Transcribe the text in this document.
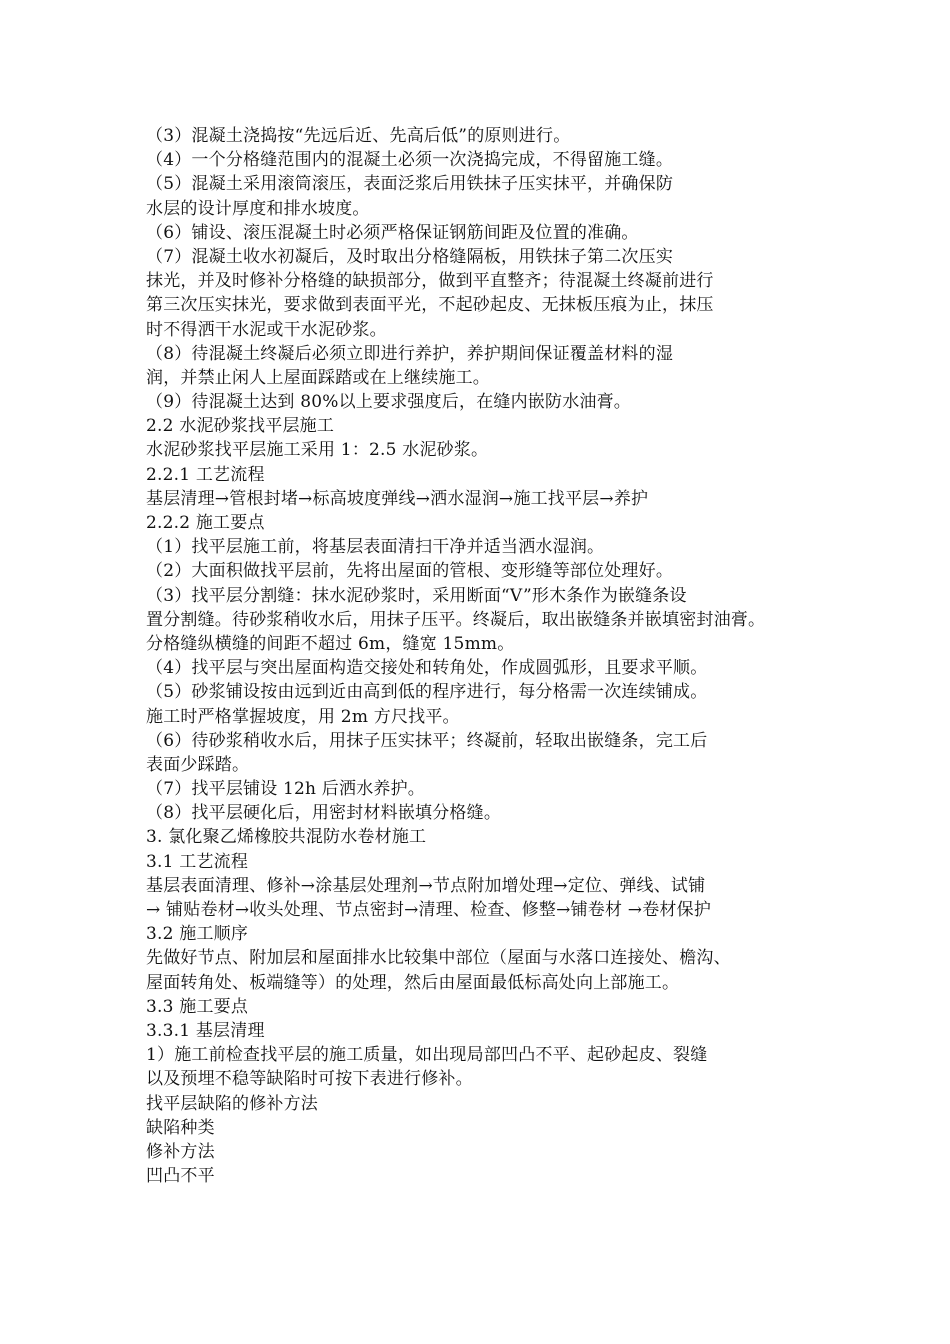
（3）混凝土浇捣按“先远后近、先高后低”的原则进行。
（4）一个分格缝范围内的混凝土必须一次浇捣完成，不得留施工缝。
（5）混凝土采用滚筒滚压，表面泛浆后用铁抹子压实抹平，并确保防
水层的设计厚度和排水坡度。
（6）铺设、滚压混凝土时必须严格保证钢筋间距及位置的准确。
（7）混凝土收水初凝后，及时取出分格缝隔板，用铁抹子第二次压实
抹光，并及时修补分格缝的缺损部分，做到平直整齐；待混凝土终凝前进行
第三次压实抹光，要求做到表面平光，不起砂起皮、无抹板压痕为止，抹压
时不得洒干水泥或干水泥砂浆。
（8）待混凝土终凝后必须立即进行养护，养护期间保证覆盖材料的湿
润，并禁止闲人上屋面踩踏或在上继续施工。
（9）待混凝土达到 80%以上要求强度后，在缝内嵌防水油膏。
2.2 水泥砂浆找平层施工
水泥砂浆找平层施工采用 1：2.5 水泥砂浆。
2.2.1 工艺流程
基层清理→管根封堵→标高坡度弹线→洒水湿润→施工找平层→养护
2.2.2 施工要点
（1）找平层施工前，将基层表面清扫干净并适当洒水湿润。
（2）大面积做找平层前，先将出屋面的管根、变形缝等部位处理好。
（3）找平层分割缝：抹水泥砂浆时，采用断面“V”形木条作为嵌缝条设
置分割缝。待砂浆稍收水后，用抹子压平。终凝后，取出嵌缝条并嵌填密封油膏。
分格缝纵横缝的间距不超过 6m，缝宽 15mm。
（4）找平层与突出屋面构造交接处和转角处，作成圆弧形，且要求平顺。
（5）砂浆铺设按由远到近由高到低的程序进行，每分格需一次连续铺成。
施工时严格掌握坡度，用 2m 方尺找平。
（6）待砂浆稍收水后，用抹子压实抹平；终凝前，轻取出嵌缝条，完工后
表面少踩踏。
（7）找平层铺设 12h 后洒水养护。
（8）找平层硬化后，用密封材料嵌填分格缝。
3. 氯化聚乙烯橡胶共混防水卷材施工
3.1 工艺流程
基层表面清理、修补→涂基层处理剂→节点附加增处理→定位、弹线、试铺
→ 铺贴卷材→收头处理、节点密封→清理、检查、修整→铺卷材 →卷材保护
3.2 施工顺序
先做好节点、附加层和屋面排水比较集中部位（屋面与水落口连接处、檐沟、
屋面转角处、板端缝等）的处理，然后由屋面最低标高处向上部施工。
3.3 施工要点
3.3.1 基层清理
1）施工前检查找平层的施工质量，如出现局部凹凸不平、起砂起皮、裂缝
以及预埋不稳等缺陷时可按下表进行修补。
找平层缺陷的修补方法
缺陷种类
修补方法
凹凸不平
